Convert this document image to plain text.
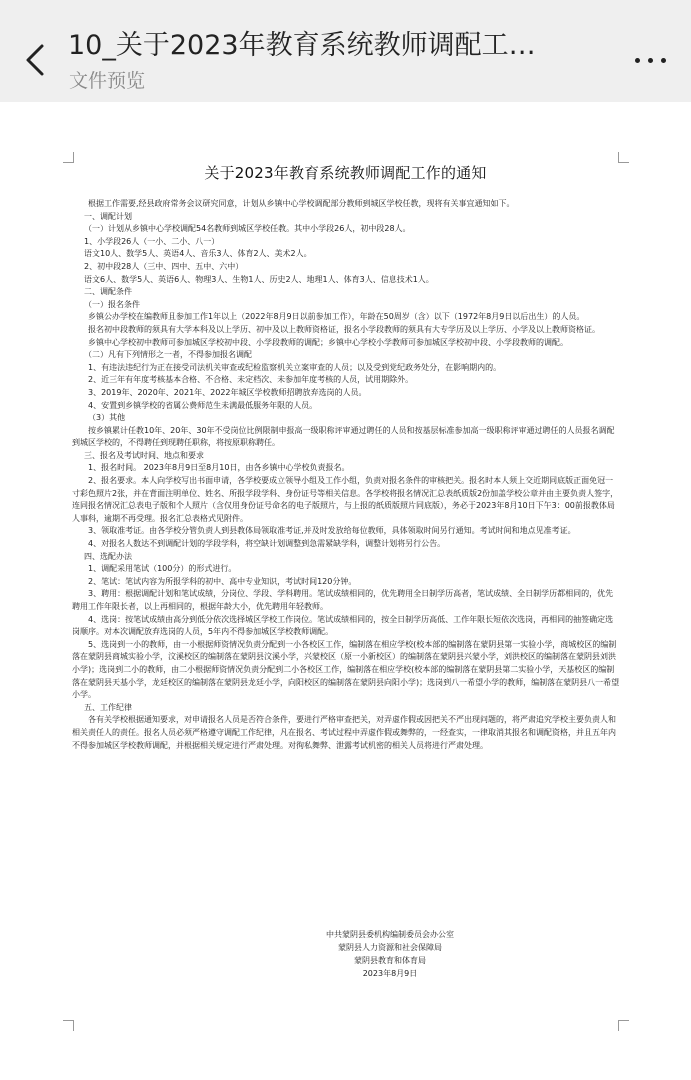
10_关于2023年教育系统教师调配工…
文件预览
关于2023年教育系统教师调配工作的通知

根据工作需要,经县政府常务会议研究同意，计划从乡镇中心学校调配部分教师到城区学校任教，现将有关事宜通知如下。

一、调配计划

（一）计划从乡镇中心学校调配54名教师到城区学校任教。其中小学段26人，初中段28人。

1、小学段26人（一小、二小、八一）

语文10人、数学5人、英语4人、音乐3人、体育2人、美术2人。

2、初中段28人（三中、四中、五中、六中）

语文6人、数学5人、英语6人、物理3人、生物1人、历史2人、地理1人、体育3人、信息技术1人。

二、调配条件

（一）报名条件

乡镇公办学校在编教师且参加工作1年以上（2022年8月9日以前参加工作），年龄在50周岁（含）以下（1972年8月9日以后出生）的人员。

报名初中段教师的须具有大学本科及以上学历、初中及以上教师资格证，报名小学段教师的须具有大专学历及以上学历、小学及以上教师资格证。

乡镇中心学校初中教师可参加城区学校初中段、小学段教师的调配；乡镇中心学校小学教师可参加城区学校初中段、小学段教师的调配。

（二）凡有下列情形之一者，不得参加报名调配

1、有违法违纪行为正在接受司法机关审查或纪检监察机关立案审查的人员；以及受到党纪政务处分，在影响期内的。

2、近三年有年度考核基本合格、不合格、未定档次、未参加年度考核的人员，试用期除外。

3、2019年、2020年、2021年、2022年城区学校教师招聘放弃选岗的人员。

4、安置到乡镇学校的省属公费师范生未满最低服务年限的人员。

（3）其他

按乡镇累计任教10年、20年、30年不受岗位比例限制申报高一级职称评审通过聘任的人员和按基层标准参加高一级职称评审通过聘任的人员报名调配到城区学校的，不得聘任到现聘任职称，将按原职称聘任。

三、报名及考试时间、地点和要求

1、报名时间。 2023年8月9日至8月10日，由各乡镇中心学校负责报名。

2、报名要求。本人向学校写出书面申请，各学校要成立领导小组及工作小组，负责对报名条件的审核把关。报名时本人须上交近期同底版正面免冠一寸彩色照片2张，并在背面注明单位、姓名、所报学段学科、身份证号等相关信息。各学校将报名情况汇总表纸质版2份加盖学校公章并由主要负责人签字，连同报名情况汇总表电子版和个人照片（含仅用身份证号命名的电子版照片，与上报的纸质版照片同底版），务必于2023年8月10日下午3：00前报教体局人事科，逾期不再受理。报名汇总表格式见附件。

3、领取准考证。由各学校分管负责人到县教体局领取准考证,并及时发放给每位教师，具体领取时间另行通知。考试时间和地点见准考证。

4、对报名人数达不到调配计划的学段学科，将空缺计划调整到急需紧缺学科，调整计划将另行公告。

四、选配办法

1、调配采用笔试（100分）的形式进行。

2、笔试：笔试内容为所报学科的初中、高中专业知识，考试时间120分钟。

3、聘用：根据调配计划和笔试成绩，分岗位、学段、学科聘用。笔试成绩相同的，优先聘用全日制学历高者，笔试成绩、全日制学历都相同的，优先聘用工作年限长者，以上再相同的，根据年龄大小，优先聘用年轻教师。

4、选岗：按笔试成绩由高分到低分依次选择城区学校工作岗位。笔试成绩相同的，按全日制学历高低、工作年限长短依次选岗，再相同的抽签确定选岗顺序。对本次调配放弃选岗的人员，5年内不得参加城区学校教师调配。

5、选岗到一小的教师，由一小根据师资情况负责分配到一小各校区工作，编制落在相应学校(校本部的编制落在蒙阴县第一实验小学，商城校区的编制落在蒙阴县商城实验小学，汶溪校区的编制落在蒙阴县汶溪小学，兴蒙校区（原一小新校区）的编制落在蒙阴县兴蒙小学，刘洪校区的编制落在蒙阴县刘洪小学)；选岗到二小的教师，由二小根据师资情况负责分配到二小各校区工作，编制落在相应学校(校本部的编制落在蒙阴县第二实验小学，天基校区的编制落在蒙阴县天基小学，龙廷校区的编制落在蒙阴县龙廷小学，向阳校区的编制落在蒙阴县向阳小学)；选岗到八一希望小学的教师，编制落在蒙阴县八一希望小学。

五、工作纪律

各有关学校根据通知要求，对申请报名人员是否符合条件，要进行严格审查把关，对弄虚作假或因把关不严出现问题的，将严肃追究学校主要负责人和相关责任人的责任。报名人员必须严格遵守调配工作纪律，凡在报名、考试过程中弄虚作假或舞弊的，一经查实，一律取消其报名和调配资格，并且五年内不得参加城区学校教师调配，并根据相关规定进行严肃处理。对徇私舞弊、泄露考试机密的相关人员将进行严肃处理。

中共蒙阴县委机构编制委员会办公室
蒙阴县人力资源和社会保障局
蒙阴县教育和体育局
2023年8月9日
